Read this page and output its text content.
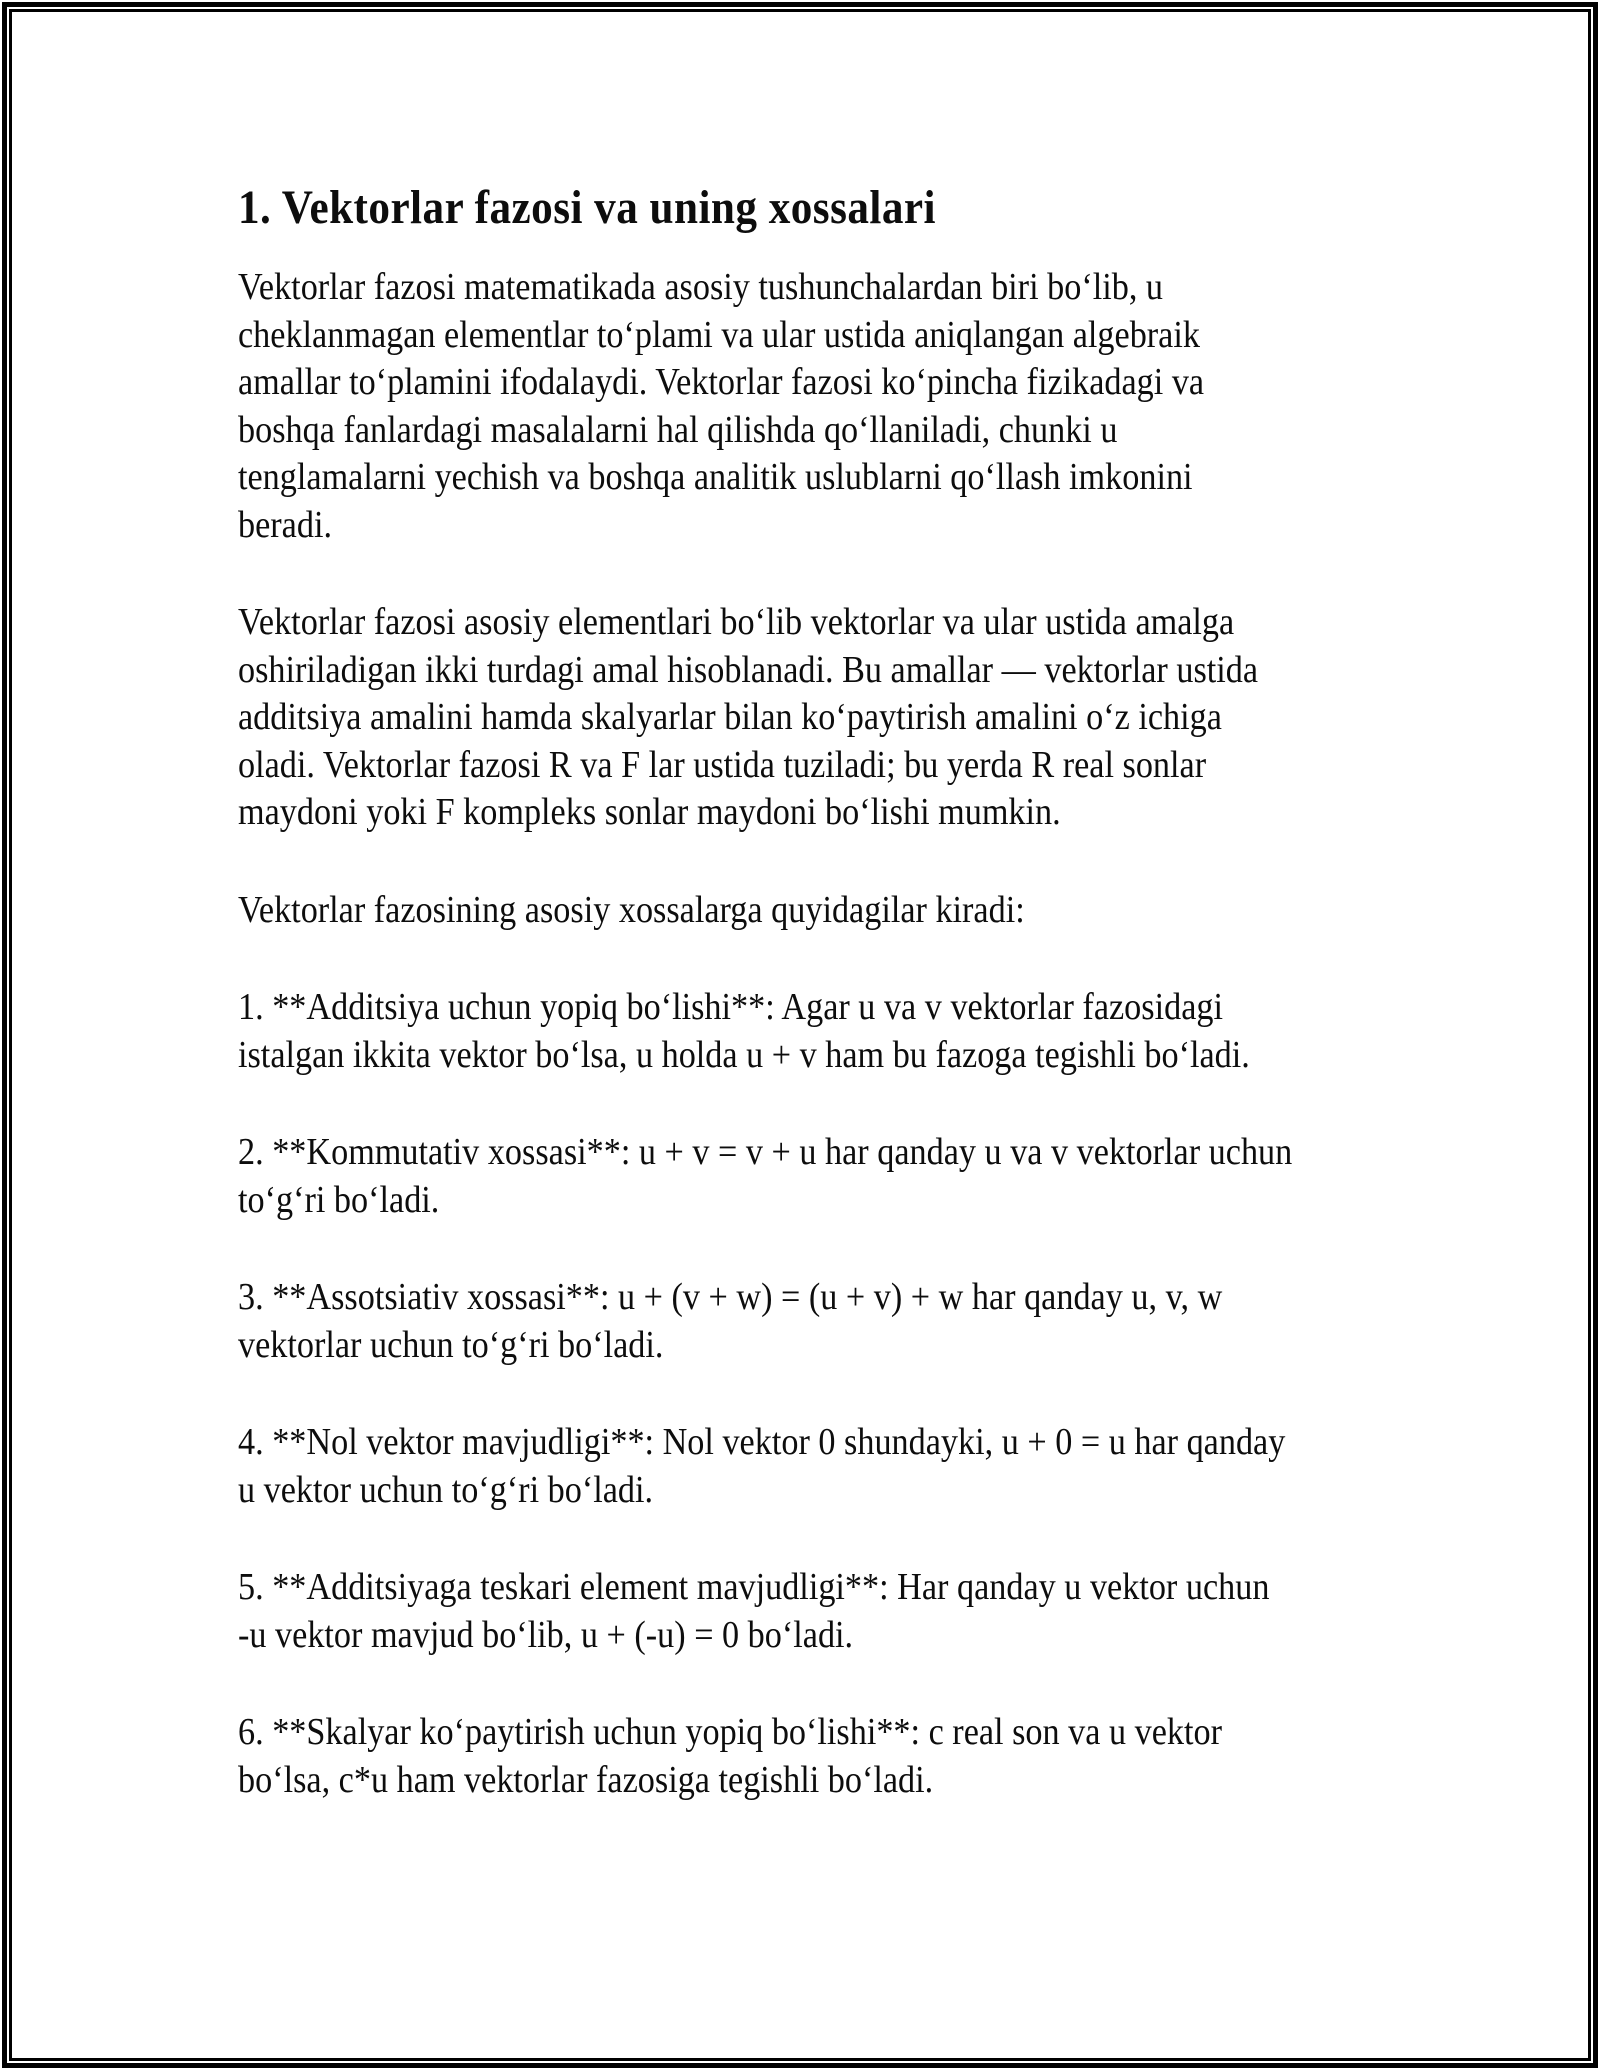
1. Vektorlar fazosi va uning xossalari
Vektorlar fazosi matematikada asosiy tushunchalardan biri bo‘lib, u
cheklanmagan elementlar to‘plami va ular ustida aniqlangan algebraik
amallar to‘plamini ifodalaydi. Vektorlar fazosi ko‘pincha fizikadagi va
boshqa fanlardagi masalalarni hal qilishda qo‘llaniladi, chunki u
tenglamalarni yechish va boshqa analitik uslublarni qo‘llash imkonini
beradi.
Vektorlar fazosi asosiy elementlari bo‘lib vektorlar va ular ustida amalga
oshiriladigan ikki turdagi amal hisoblanadi. Bu amallar — vektorlar ustida
additsiya amalini hamda skalyarlar bilan ko‘paytirish amalini o‘z ichiga
oladi. Vektorlar fazosi R va F lar ustida tuziladi; bu yerda R real sonlar
maydoni yoki F kompleks sonlar maydoni bo‘lishi mumkin.
Vektorlar fazosining asosiy xossalarga quyidagilar kiradi:
1. **Additsiya uchun yopiq bo‘lishi**: Agar u va v vektorlar fazosidagi
istalgan ikkita vektor bo‘lsa, u holda u + v ham bu fazoga tegishli bo‘ladi.
2. **Kommutativ xossasi**: u + v = v + u har qanday u va v vektorlar uchun
to‘g‘ri bo‘ladi.
3. **Assotsiativ xossasi**: u + (v + w) = (u + v) + w har qanday u, v, w
vektorlar uchun to‘g‘ri bo‘ladi.
4. **Nol vektor mavjudligi**: Nol vektor 0 shundayki, u + 0 = u har qanday
u vektor uchun to‘g‘ri bo‘ladi.
5. **Additsiyaga teskari element mavjudligi**: Har qanday u vektor uchun
-u vektor mavjud bo‘lib, u + (-u) = 0 bo‘ladi.
6. **Skalyar ko‘paytirish uchun yopiq bo‘lishi**: c real son va u vektor
bo‘lsa, c*u ham vektorlar fazosiga tegishli bo‘ladi.
